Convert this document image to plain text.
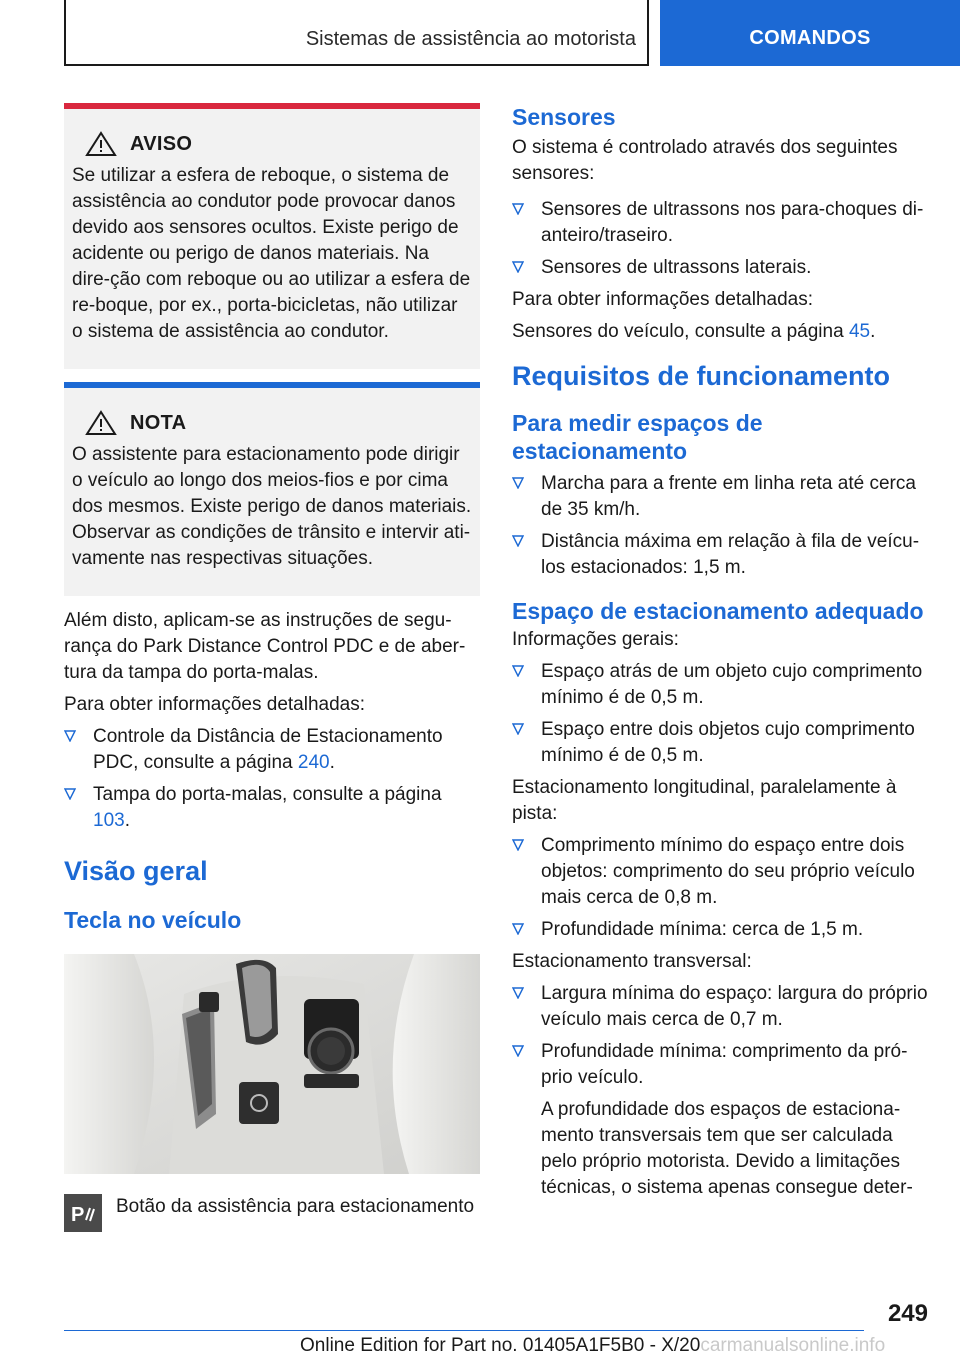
Sistemas de assistência ao motorista	COMANDOS
AVISO
Se utilizar a esfera de reboque, o sistema de assistência ao condutor pode provocar danos devido aos sensores ocultos. Existe perigo de acidente ou perigo de danos materiais. Na dire-ção com reboque ou ao utilizar a esfera de re-boque, por ex., porta-bicicletas, não utilizar o sistema de assistência ao condutor.
NOTA
O assistente para estacionamento pode dirigir o veículo ao longo dos meios-fios e por cima dos mesmos. Existe perigo de danos materiais. Observar as condições de trânsito e intervir ati-vamente nas respectivas situações.

Além disto, aplicam-se as instruções de segu-rança do Park Distance Control PDC e de aber-tura da tampa do porta-malas.

Para obter informações detalhadas:

Controle da Distância de Estacionamento PDC, consulte a página 240.
Tampa do porta-malas, consulte a página 103.
Visão geral
Tecla no veículo
P Botão da assistência para estacionamento
Sensores

O sistema é controlado através dos seguintes sensores:

Sensores de ultrassons nos para-choques di-anteiro/traseiro.
Sensores de ultrassons laterais.

Para obter informações detalhadas:

Sensores do veículo, consulte a página 45.

Requisitos de funcionamento
Para medir espaços de estacionamento
Marcha para a frente em linha reta até cerca de 35 km/h.
Distância máxima em relação à fila de veícu-los estacionados: 1,5 m.
Espaço de estacionamento adequado

Informações gerais:

Espaço atrás de um objeto cujo comprimento mínimo é de 0,5 m.
Espaço entre dois objetos cujo comprimento mínimo é de 0,5 m.

Estacionamento longitudinal, paralelamente à pista:

Comprimento mínimo do espaço entre dois objetos: comprimento do seu próprio veículo mais cerca de 0,8 m.
Profundidade mínima: cerca de 1,5 m.

Estacionamento transversal:

Largura mínima do espaço: largura do próprio veículo mais cerca de 0,7 m.
Profundidade mínima: comprimento da pró-prio veículo.
A profundidade dos espaços de estaciona-mento transversais tem que ser calculada pelo próprio motorista. Devido a limitações técnicas, o sistema apenas consegue deter-
249
Online Edition for Part no. 01405A1F5B0 - X/20carmanualsonline.info
